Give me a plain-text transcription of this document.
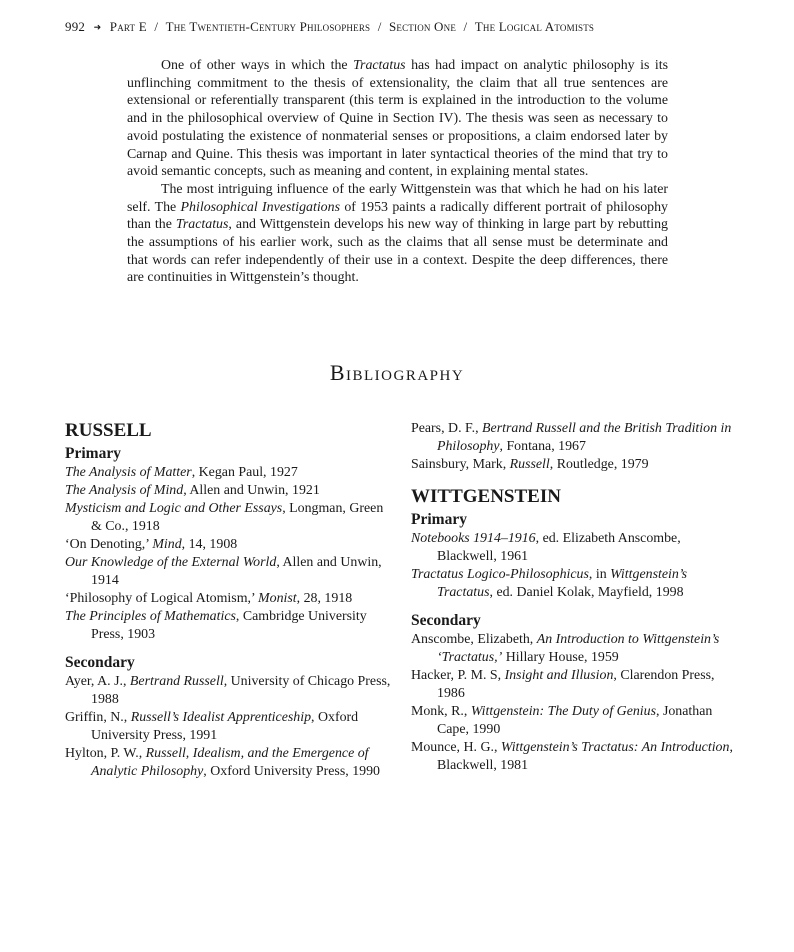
992 ➜ Part E / The Twentieth-Century Philosophers / Section One / The Logical Atomists

One of other ways in which the Tractatus has had impact on analytic philosophy is its unflinching commitment to the thesis of extensionality, the claim that all true sentences are extensional or referentially transparent (this term is explained in the introduction to the volume and in the philosophical overview of Quine in Section IV). The thesis was seen as necessary to avoid postulating the existence of nonmaterial senses or propositions, a claim endorsed later by Carnap and Quine. This thesis was important in later syntactical theories of the mind that try to avoid semantic concepts, such as meaning and content, in explaining mental states.

The most intriguing influence of the early Wittgenstein was that which he had on his later self. The Philosophical Investigations of 1953 paints a radically different portrait of philosophy than the Tractatus, and Wittgenstein develops his new way of thinking in large part by rebutting the assumptions of his earlier work, such as the claims that all sense must be determinate and that words can refer independently of their use in a context. Despite the deep differences, there are continuities in Wittgenstein’s thought.

Bibliography
RUSSELL
Primary
The Analysis of Matter, Kegan Paul, 1927
The Analysis of Mind, Allen and Unwin, 1921
Mysticism and Logic and Other Essays, Longman, Green & Co., 1918
‘On Denoting,’ Mind, 14, 1908
Our Knowledge of the External World, Allen and Unwin, 1914
‘Philosophy of Logical Atomism,’ Monist, 28, 1918
The Principles of Mathematics, Cambridge University Press, 1903
Secondary
Ayer, A. J., Bertrand Russell, University of Chicago Press, 1988
Griffin, N., Russell’s Idealist Apprenticeship, Oxford University Press, 1991
Hylton, P. W., Russell, Idealism, and the Emergence of Analytic Philosophy, Oxford University Press, 1990
Pears, D. F., Bertrand Russell and the British Tradition in Philosophy, Fontana, 1967
Sainsbury, Mark, Russell, Routledge, 1979
WITTGENSTEIN
Primary
Notebooks 1914–1916, ed. Elizabeth Anscombe, Blackwell, 1961
Tractatus Logico-Philosophicus, in Wittgenstein’s Tractatus, ed. Daniel Kolak, Mayfield, 1998
Secondary
Anscombe, Elizabeth, An Introduction to Wittgenstein’s ‘Tractatus,’ Hillary House, 1959
Hacker, P. M. S, Insight and Illusion, Clarendon Press, 1986
Monk, R., Wittgenstein: The Duty of Genius, Jonathan Cape, 1990
Mounce, H. G., Wittgenstein’s Tractatus: An Introduction, Blackwell, 1981
